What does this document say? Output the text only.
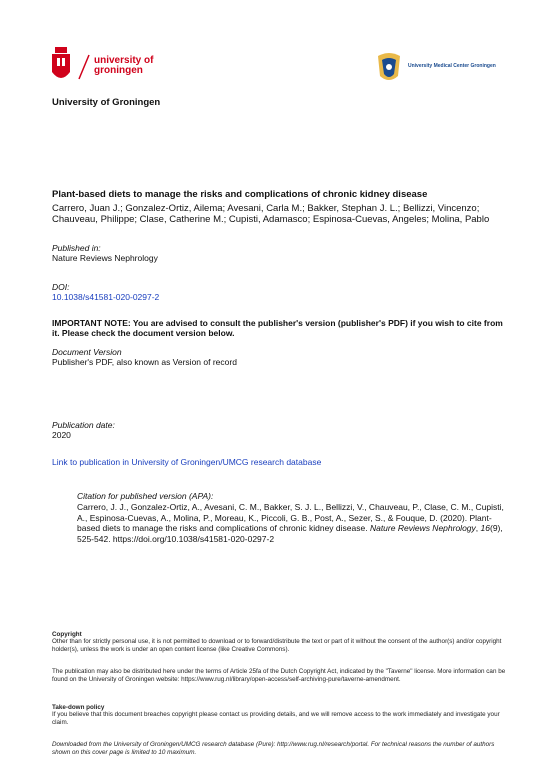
university of
groningen	University Medical Center Groningen
University of Groningen
Plant-based diets to manage the risks and complications of chronic kidney disease
Carrero, Juan J.; Gonzalez-Ortiz, Ailema; Avesani, Carla M.; Bakker, Stephan J. L.; Bellizzi, Vincenzo; Chauveau, Philippe; Clase, Catherine M.; Cupisti, Adamasco; Espinosa-Cuevas, Angeles; Molina, Pablo
Published in:
Nature Reviews Nephrology
DOI:
10.1038/s41581-020-0297-2
IMPORTANT NOTE: You are advised to consult the publisher's version (publisher's PDF) if you wish to cite from it. Please check the document version below.
Document Version
Publisher's PDF, also known as Version of record
Publication date:
2020
Link to publication in University of Groningen/UMCG research database
Citation for published version (APA):
Carrero, J. J., Gonzalez-Ortiz, A., Avesani, C. M., Bakker, S. J. L., Bellizzi, V., Chauveau, P., Clase, C. M., Cupisti, A., Espinosa-Cuevas, A., Molina, P., Moreau, K., Piccoli, G. B., Post, A., Sezer, S., & Fouque, D. (2020). Plant-based diets to manage the risks and complications of chronic kidney disease. Nature Reviews Nephrology, 16(9), 525-542. https://doi.org/10.1038/s41581-020-0297-2
Copyright
Other than for strictly personal use, it is not permitted to download or to forward/distribute the text or part of it without the consent of the author(s) and/or copyright holder(s), unless the work is under an open content license (like Creative Commons).
The publication may also be distributed here under the terms of Article 25fa of the Dutch Copyright Act, indicated by the "Taverne" license. More information can be found on the University of Groningen website: https://www.rug.nl/library/open-access/self-archiving-pure/taverne-amendment.
Take-down policy
If you believe that this document breaches copyright please contact us providing details, and we will remove access to the work immediately and investigate your claim.
Downloaded from the University of Groningen/UMCG research database (Pure): http://www.rug.nl/research/portal. For technical reasons the number of authors shown on this cover page is limited to 10 maximum.
